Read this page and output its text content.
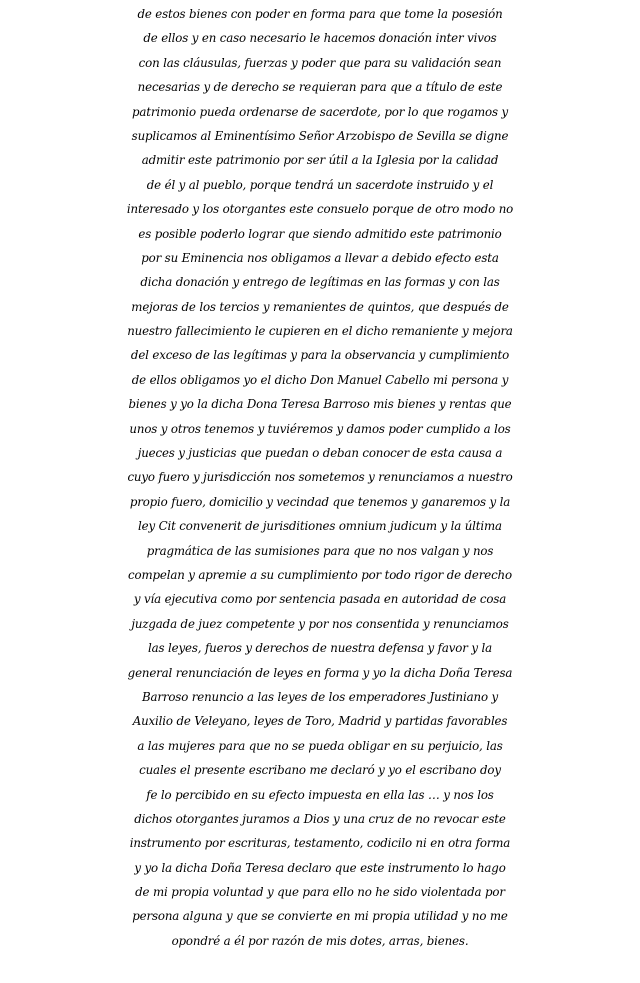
de estos bienes con poder en forma para que tome la posesión
de ellos y en caso necesario le hacemos donación inter vivos
con las cláusulas, fuerzas y poder que para su validación sean
necesarias y de derecho se requieran para que a título de este
patrimonio pueda ordenarse de sacerdote, por lo que rogamos y
suplicamos al Eminentísimo Señor Arzobispo de Sevilla se digne
admitir este patrimonio por ser útil a la Iglesia por la calidad
de él y al pueblo, porque tendrá un sacerdote instruido y el
interesado y los otorgantes este consuelo porque de otro modo no
es posible poderlo lograr que siendo admitido este patrimonio
por su Eminencia nos obligamos a llevar a debido efecto esta
dicha donación y entrego de legítimas en las formas y con las
mejoras de los tercios y remanientes de quintos, que después de
nuestro fallecimiento le cupieren en el dicho remaniente y mejora
del exceso de las legítimas y para la observancia y cumplimiento
de ellos obligamos yo el dicho Don Manuel Cabello mi persona y
bienes y yo la dicha Dona Teresa Barroso mis bienes y rentas que
unos y otros tenemos y tuviéremos y damos poder cumplido a los
jueces y justicias que puedan o deban conocer de esta causa a
cuyo fuero y jurisdicción nos sometemos y renunciamos a nuestro
propio fuero, domicilio y vecindad que tenemos y ganaremos y la
ley Cit convenerit de jurisditiones omnium judicum y la última
pragmática de las sumisiones para que no nos valgan y nos
compelan y apremie a su cumplimiento por todo rigor de derecho
y vía ejecutiva como por sentencia pasada en autoridad de cosa
juzgada de juez competente y por nos consentida y renunciamos
las leyes, fueros y derechos de nuestra defensa y favor y la
general renunciación de leyes en forma y yo la dicha Doña Teresa
Barroso renuncio a las leyes de los emperadores Justiniano y
Auxilio de Veleyano, leyes de Toro, Madrid y partidas favorables
a las mujeres para que no se pueda obligar en su perjuicio, las
cuales el presente escribano me declaró y yo el escribano doy
fe lo percibido en su efecto impuesta en ella las … y nos los
dichos otorgantes juramos a Dios y una cruz de no revocar este
instrumento por escrituras, testamento, codicilo ni en otra forma
y yo la dicha Doña Teresa declaro que este instrumento lo hago
de mi propia voluntad y que para ello no he sido violentada por
persona alguna y que se convierte en mi propia utilidad y no me
opondré a él por razón de mis dotes, arras, bienes.
